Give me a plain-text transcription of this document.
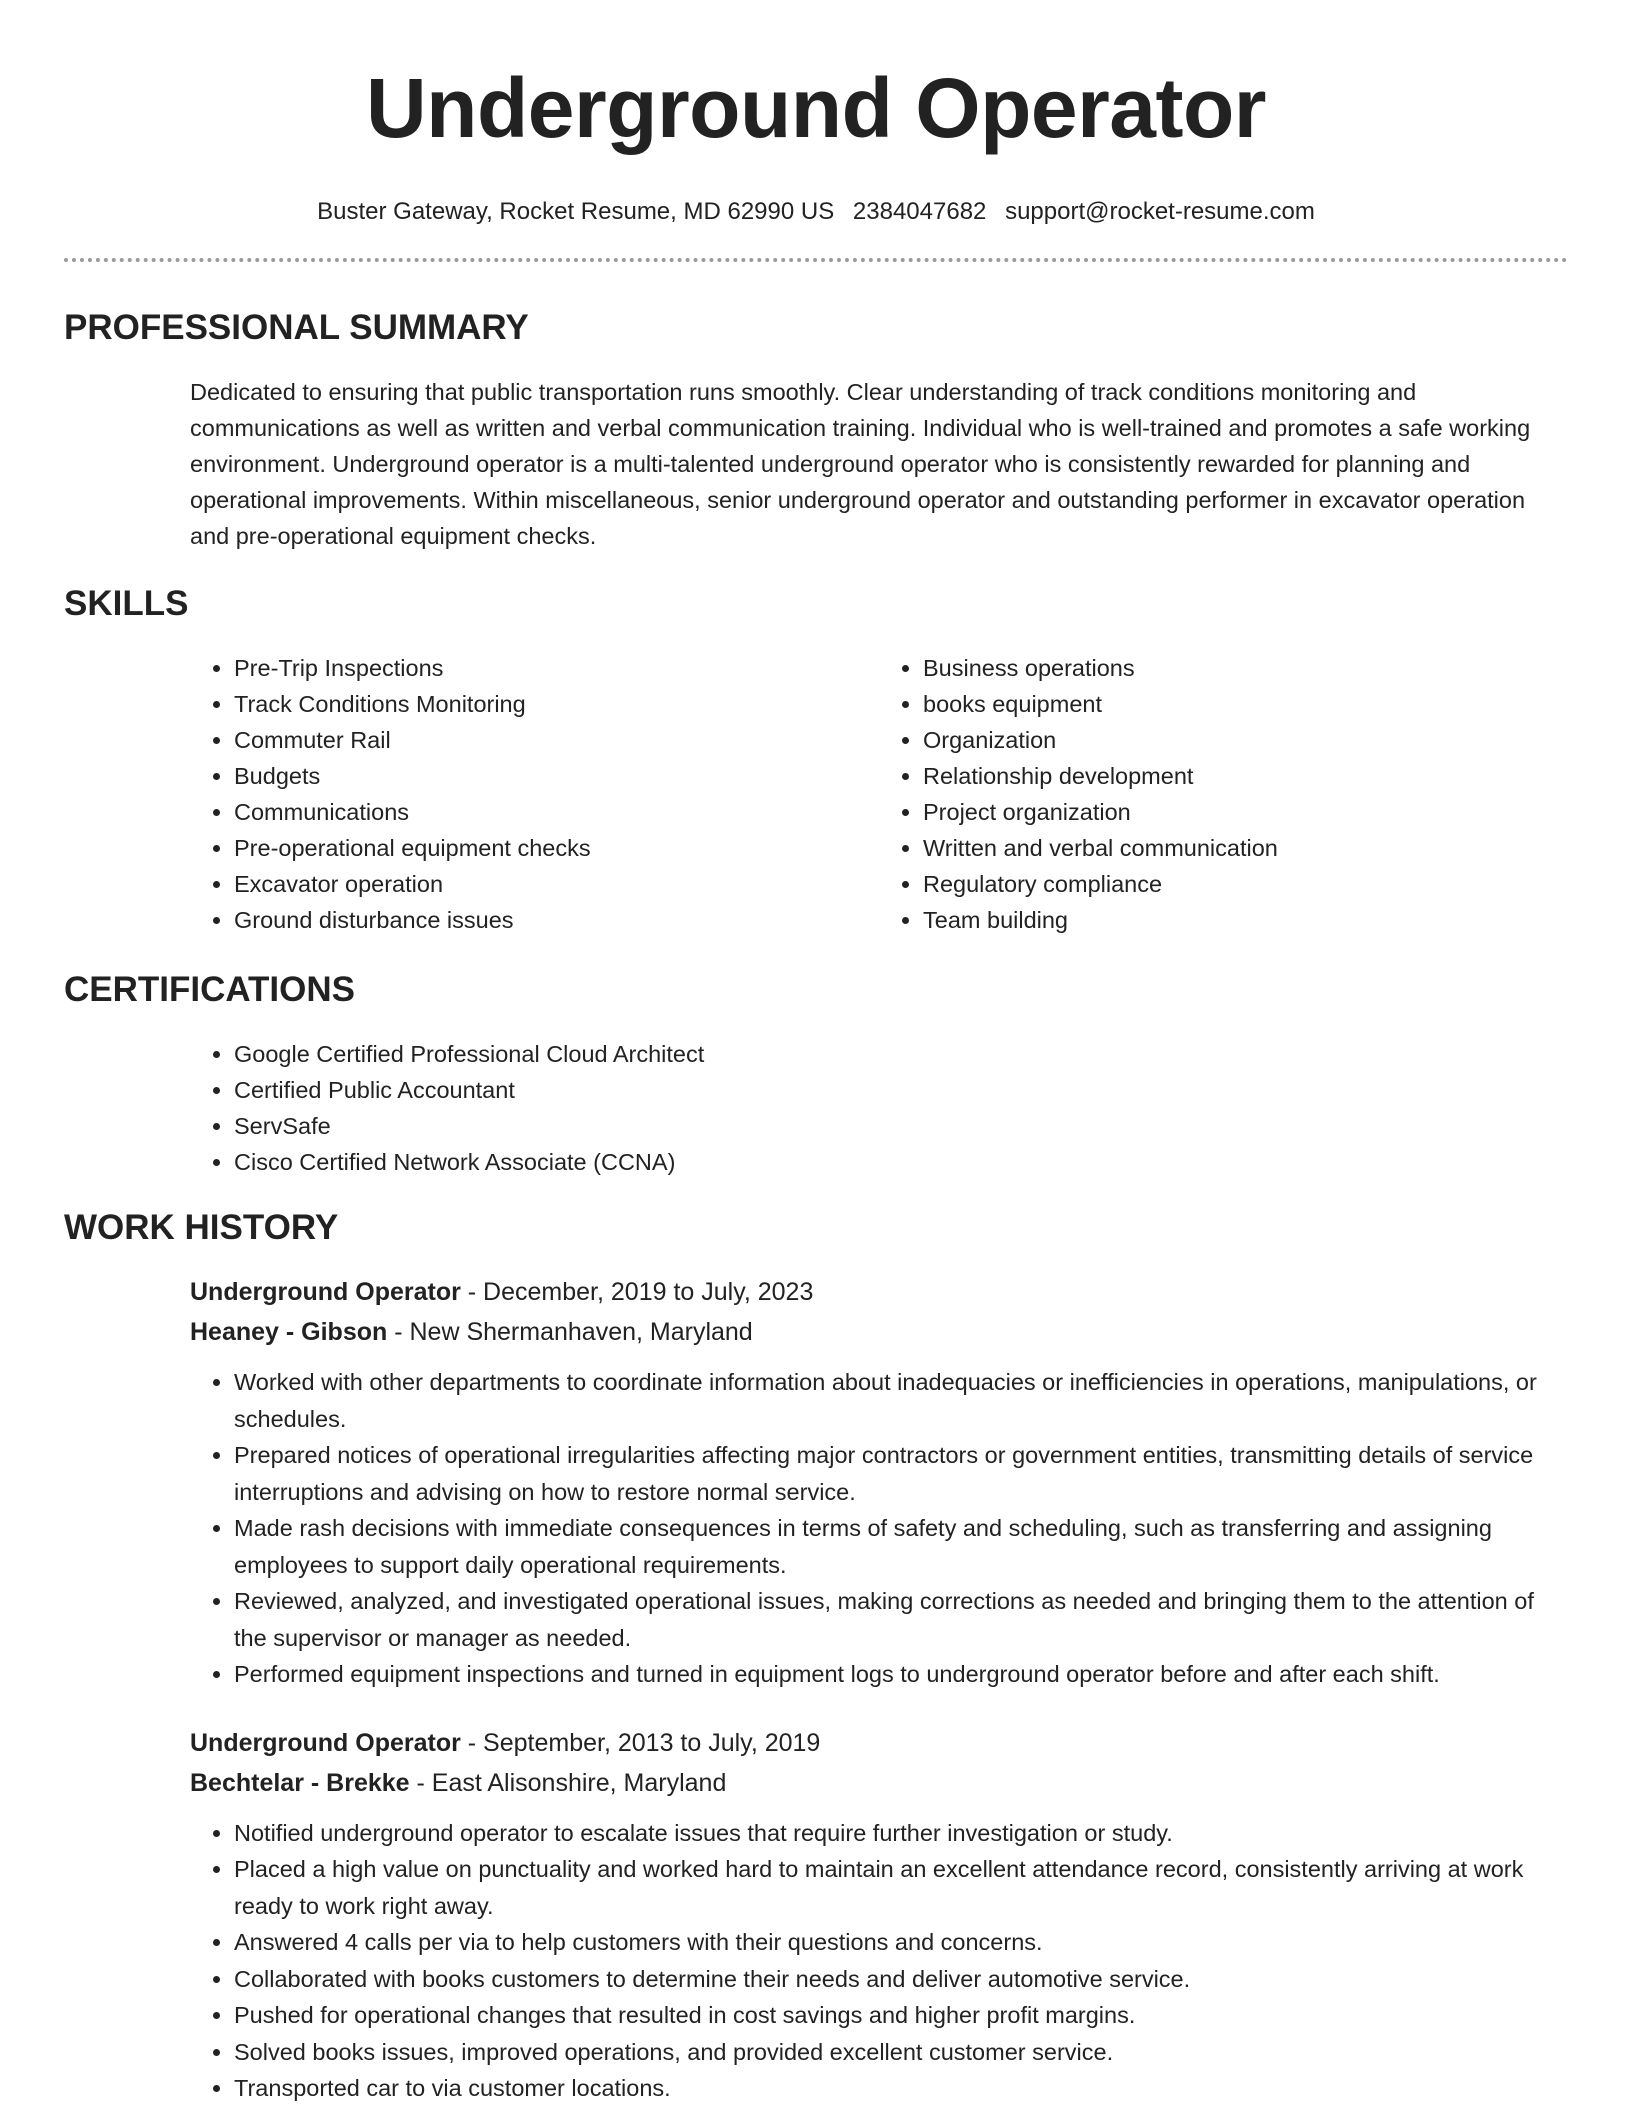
Underground Operator
Buster Gateway, Rocket Resume, MD 62990 US 2384047682 support@rocket-resume.com
PROFESSIONAL SUMMARY
Dedicated to ensuring that public transportation runs smoothly. Clear understanding of track conditions monitoring and communications as well as written and verbal communication training. Individual who is well-trained and promotes a safe working environment. Underground operator is a multi-talented underground operator who is consistently rewarded for planning and operational improvements. Within miscellaneous, senior underground operator and outstanding performer in excavator operation and pre-operational equipment checks.
SKILLS
• Pre-Trip Inspections
• Track Conditions Monitoring
• Commuter Rail
• Budgets
• Communications
• Pre-operational equipment checks
• Excavator operation
• Ground disturbance issues
• Business operations
• books equipment
• Organization
• Relationship development
• Project organization
• Written and verbal communication
• Regulatory compliance
• Team building
CERTIFICATIONS
• Google Certified Professional Cloud Architect
• Certified Public Accountant
• ServSafe
• Cisco Certified Network Associate (CCNA)
WORK HISTORY
Underground Operator - December, 2019 to July, 2023
Heaney - Gibson - New Shermanhaven, Maryland
• Worked with other departments to coordinate information about inadequacies or inefficiencies in operations, manipulations, or schedules.
• Prepared notices of operational irregularities affecting major contractors or government entities, transmitting details of service interruptions and advising on how to restore normal service.
• Made rash decisions with immediate consequences in terms of safety and scheduling, such as transferring and assigning employees to support daily operational requirements.
• Reviewed, analyzed, and investigated operational issues, making corrections as needed and bringing them to the attention of the supervisor or manager as needed.
• Performed equipment inspections and turned in equipment logs to underground operator before and after each shift.
Underground Operator - September, 2013 to July, 2019
Bechtelar - Brekke - East Alisonshire, Maryland
• Notified underground operator to escalate issues that require further investigation or study.
• Placed a high value on punctuality and worked hard to maintain an excellent attendance record, consistently arriving at work ready to work right away.
• Answered 4 calls per via to help customers with their questions and concerns.
• Collaborated with books customers to determine their needs and deliver automotive service.
• Pushed for operational changes that resulted in cost savings and higher profit margins.
• Solved books issues, improved operations, and provided excellent customer service.
• Transported car to via customer locations.
